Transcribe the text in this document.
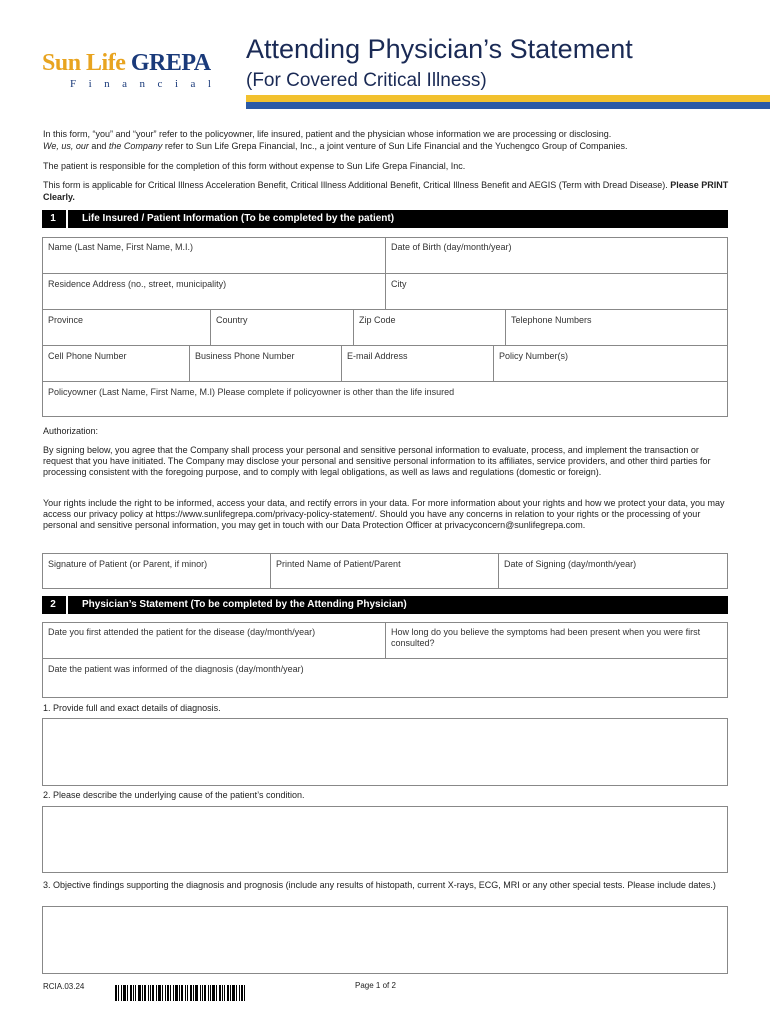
Sun Life GREPA
Financial
Attending Physician’s Statement
(For Covered Critical Illness)
In this form, “you” and “your” refer to the policyowner, life insured, patient and the physician whose information we are processing or disclosing.
We, us, our and the Company refer to Sun Life Grepa Financial, Inc., a joint venture of Sun Life Financial and the Yuchengco Group of Companies.
The patient is responsible for the completion of this form without expense to Sun Life Grepa Financial, Inc.
This form is applicable for Critical Illness Acceleration Benefit, Critical Illness Additional Benefit, Critical Illness Benefit and AEGIS (Term with Dread Disease). Please PRINT Clearly.
1	Life Insured / Patient Information (To be completed by the patient)
Name (Last Name, First Name, M.I.)	Date of Birth (day/month/year)
Residence Address (no., street, municipality)	City
Province	Country	Zip Code	Telephone Numbers
Cell Phone Number	Business Phone Number	E-mail Address	Policy Number(s)
Policyowner (Last Name, First Name, M.I) Please complete if policyowner is other than the life insured
Authorization:
By signing below, you agree that the Company shall process your personal and sensitive personal information to evaluate, process, and implement the transaction or request that you have initiated. The Company may disclose your personal and sensitive personal information to its affiliates, service providers, and other third parties for processing consistent with the foregoing purpose, and to comply with legal obligations, as well as laws and regulations (domestic or foreign).
Your rights include the right to be informed, access your data, and rectify errors in your data. For more information about your rights and how we protect your data, you may access our privacy policy at https://www.sunlifegrepa.com/privacy-policy-statement/. Should you have any concerns in relation to your rights or the processing of your personal and sensitive personal information, you may get in touch with our Data Protection Officer at privacyconcern@sunlifegrepa.com.
Signature of Patient (or Parent, if minor)	Printed Name of Patient/Parent	Date of Signing (day/month/year)
2	Physician’s Statement (To be completed by the Attending Physician)
Date you first attended the patient for the disease (day/month/year)	How long do you believe the symptoms had been present when you were first consulted?
Date the patient was informed of the diagnosis (day/month/year)
1. Provide full and exact details of diagnosis.
2. Please describe the underlying cause of the patient’s condition.
3. Objective findings supporting the diagnosis and prognosis (include any results of histopath, current X-rays, ECG, MRI or any other special tests. Please include dates.)
RCIA.03.24	Page 1 of 2
